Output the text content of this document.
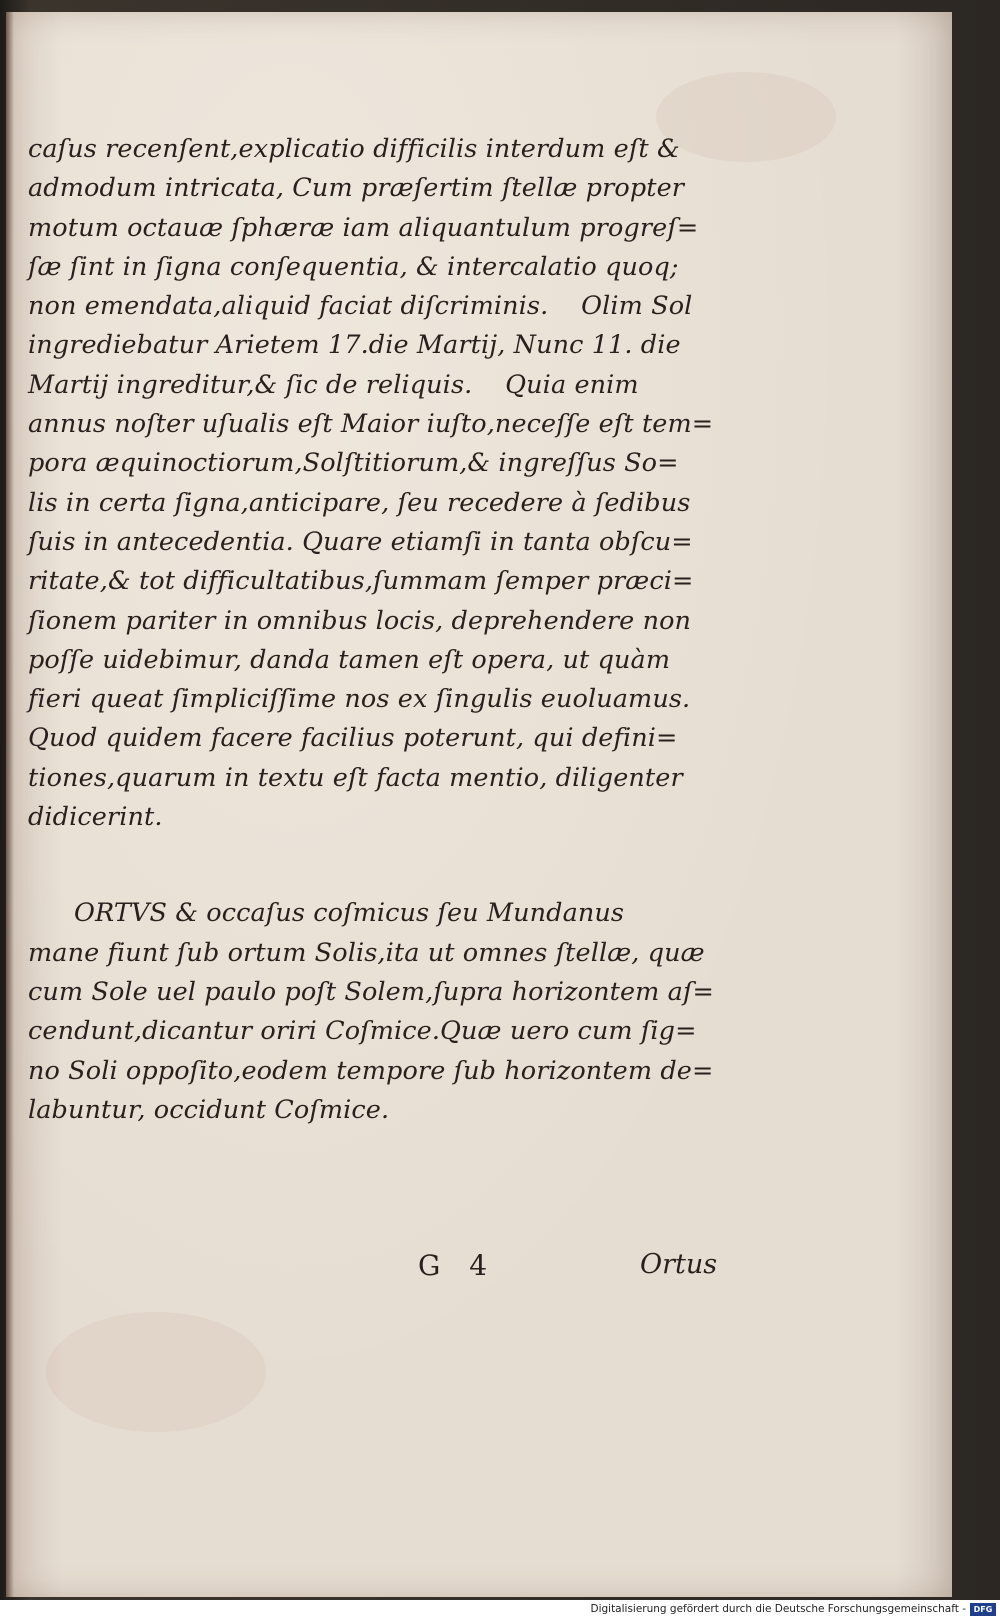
caſus recenſent,explicatio difficilis interdum eſt &
admodum intricata, Cum præſertim ſtellæ propter
motum octauæ ſphæræ iam aliquantulum progreſ=
ſæ ſint in ſigna conſequentia, & intercalatio quoq;
non emendata,aliquid faciat diſcriminis.    Olim Sol
ingrediebatur Arietem 17.die Martij, Nunc 11. die
Martij ingreditur,& ſic de reliquis.    Quia enim
annus noſter uſualis eſt Maior iuſto,neceſſe eſt tem=
pora æquinoctiorum,Solſtitiorum,& ingreſſus So=
lis in certa ſigna,anticipare, ſeu recedere à ſedibus
ſuis in antecedentia. Quare etiamſi in tanta obſcu=
ritate,& tot difficultatibus,ſummam ſemper præci=
ſionem pariter in omnibus locis, deprehendere non
poſſe uidebimur, danda tamen eſt opera, ut quàm
fieri queat ſimpliciſſime nos ex ſingulis euoluamus.
Quod quidem facere facilius poterunt, qui defini=
tiones,quarum in textu eſt facta mentio, diligenter
didicerint.
ORTVS & occaſus coſmicus ſeu Mundanus
mane fiunt ſub ortum Solis,ita ut omnes ſtellæ, quæ
cum Sole uel paulo poſt Solem,ſupra horizontem aſ=
cendunt,dicantur oriri Coſmice.Quæ uero cum ſig=
no Soli oppoſito,eodem tempore ſub horizontem de=
labuntur, occidunt Coſmice.
G 4	Ortus
Digitalisierung gefördert durch die Deutsche Forschungsgemeinschaft - DFG
